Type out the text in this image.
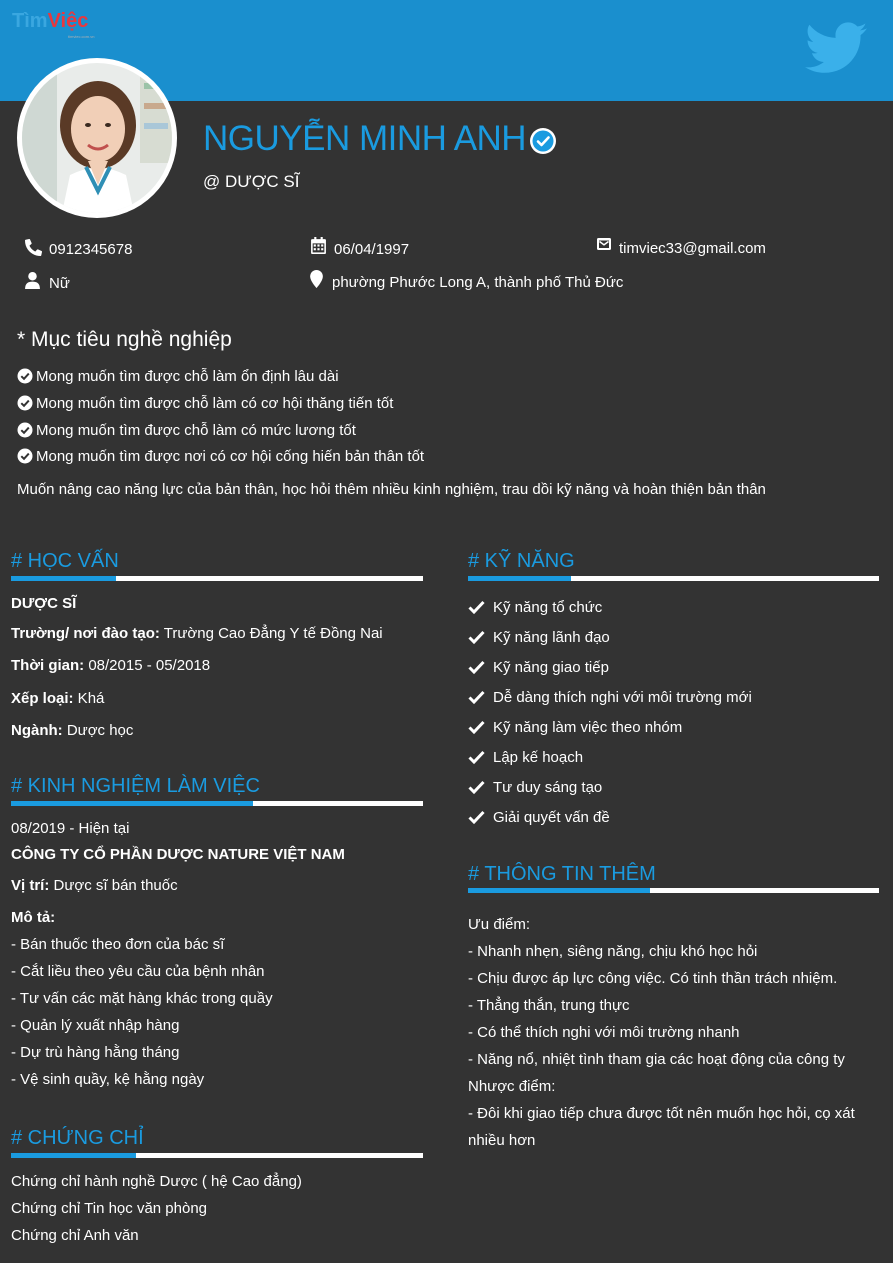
TìmViệc
timviec.com.vn
NGUYỄN MINH ANH
@ DƯỢC SĨ
0912345678	06/04/1997	timviec33@gmail.com
Nữ	phường Phước Long A, thành phố Thủ Đức
* Mục tiêu nghề nghiệp
Mong muốn tìm được chỗ làm ổn định lâu dài
Mong muốn tìm được chỗ làm có cơ hội thăng tiến tốt
Mong muốn tìm được chỗ làm có mức lương tốt
Mong muốn tìm được nơi có cơ hội cống hiến bản thân tốt
Muốn nâng cao năng lực của bản thân, học hỏi thêm nhiều kinh nghiệm, trau dồi kỹ năng và hoàn thiện bản thân
# HỌC VẤN
DƯỢC SĨ
Trường/ nơi đào tạo: Trường Cao Đẳng Y tế Đồng Nai
Thời gian: 08/2015 - 05/2018
Xếp loại: Khá
Ngành: Dược học
# KINH NGHIỆM LÀM VIỆC
08/2019 - Hiện tại
CÔNG TY CỔ PHẦN DƯỢC NATURE VIỆT NAM
Vị trí: Dược sĩ bán thuốc
Mô tả:
- Bán thuốc theo đơn của bác sĩ
- Cắt liều theo yêu cầu của bệnh nhân
- Tư vấn các mặt hàng khác trong quầy
- Quản lý xuất nhập hàng
- Dự trù hàng hằng tháng
- Vệ sinh quầy, kệ hằng ngày
# CHỨNG CHỈ
Chứng chỉ hành nghề Dược ( hệ Cao đẳng)
Chứng chỉ Tin học văn phòng
Chứng chỉ Anh văn
# KỸ NĂNG
Kỹ năng tổ chức
Kỹ năng lãnh đạo
Kỹ năng giao tiếp
Dễ dàng thích nghi với môi trường mới
Kỹ năng làm việc theo nhóm
Lập kế hoạch
Tư duy sáng tạo
Giải quyết vấn đề
# THÔNG TIN THÊM
Ưu điểm:
- Nhanh nhẹn, siêng năng, chịu khó học hỏi
- Chịu được áp lực công việc. Có tinh thần trách nhiệm.
- Thẳng thắn, trung thực
- Có thể thích nghi với môi trường nhanh
- Năng nổ, nhiệt tình tham gia các hoạt động của công ty
Nhược điểm:
- Đôi khi giao tiếp chưa được tốt nên muốn học hỏi, cọ xát
nhiều hơn
